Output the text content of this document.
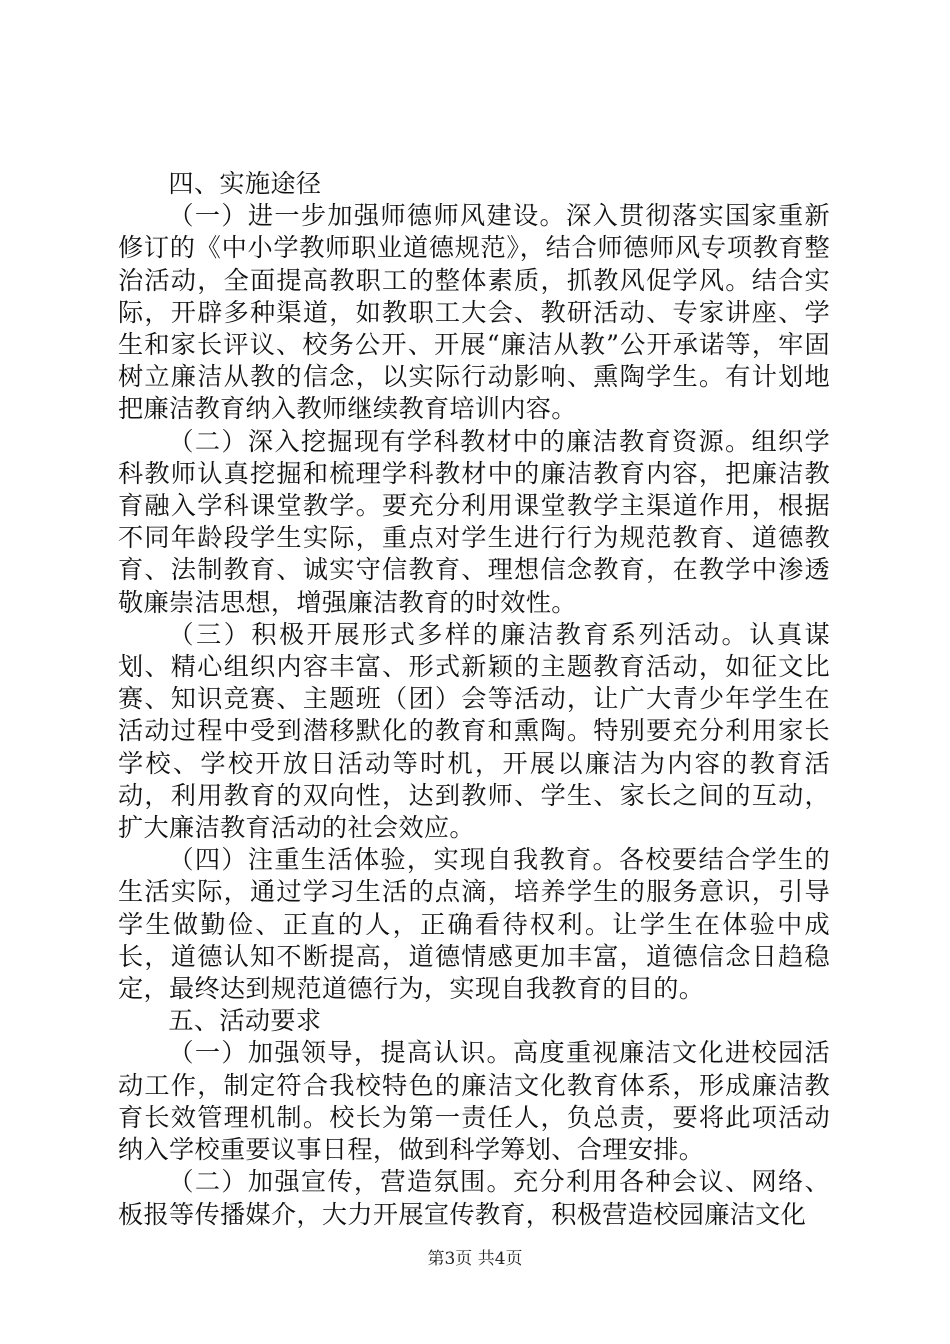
四、实施途径

（一）进一步加强师德师风建设。深入贯彻落实国家重新修订的《中小学教师职业道德规范》，结合师德师风专项教育整治活动，全面提高教职工的整体素质，抓教风促学风。结合实际，开辟多种渠道，如教职工大会、教研活动、专家讲座、学生和家长评议、校务公开、开展“廉洁从教”公开承诺等，牢固树立廉洁从教的信念，以实际行动影响、熏陶学生。有计划地把廉洁教育纳入教师继续教育培训内容。

（二）深入挖掘现有学科教材中的廉洁教育资源。组织学科教师认真挖掘和梳理学科教材中的廉洁教育内容，把廉洁教育融入学科课堂教学。要充分利用课堂教学主渠道作用，根据不同年龄段学生实际，重点对学生进行行为规范教育、道德教育、法制教育、诚实守信教育、理想信念教育，在教学中渗透敬廉崇洁思想，增强廉洁教育的时效性。

（三）积极开展形式多样的廉洁教育系列活动。认真谋划、精心组织内容丰富、形式新颖的主题教育活动，如征文比赛、知识竞赛、主题班（团）会等活动，让广大青少年学生在活动过程中受到潜移默化的教育和熏陶。特别要充分利用家长学校、学校开放日活动等时机，开展以廉洁为内容的教育活动，利用教育的双向性，达到教师、学生、家长之间的互动，扩大廉洁教育活动的社会效应。

（四）注重生活体验，实现自我教育。各校要结合学生的生活实际，通过学习生活的点滴，培养学生的服务意识，引导学生做勤俭、正直的人，正确看待权利。让学生在体验中成长，道德认知不断提高，道德情感更加丰富，道德信念日趋稳定，最终达到规范道德行为，实现自我教育的目的。

五、活动要求

（一）加强领导，提高认识。高度重视廉洁文化进校园活动工作，制定符合我校特色的廉洁文化教育体系，形成廉洁教育长效管理机制。校长为第一责任人，负总责，要将此项活动纳入学校重要议事日程，做到科学筹划、合理安排。

（二）加强宣传，营造氛围。充分利用各种会议、网络、板报等传播媒介，大力开展宣传教育，积极营造校园廉洁文化

第3页 共4页
